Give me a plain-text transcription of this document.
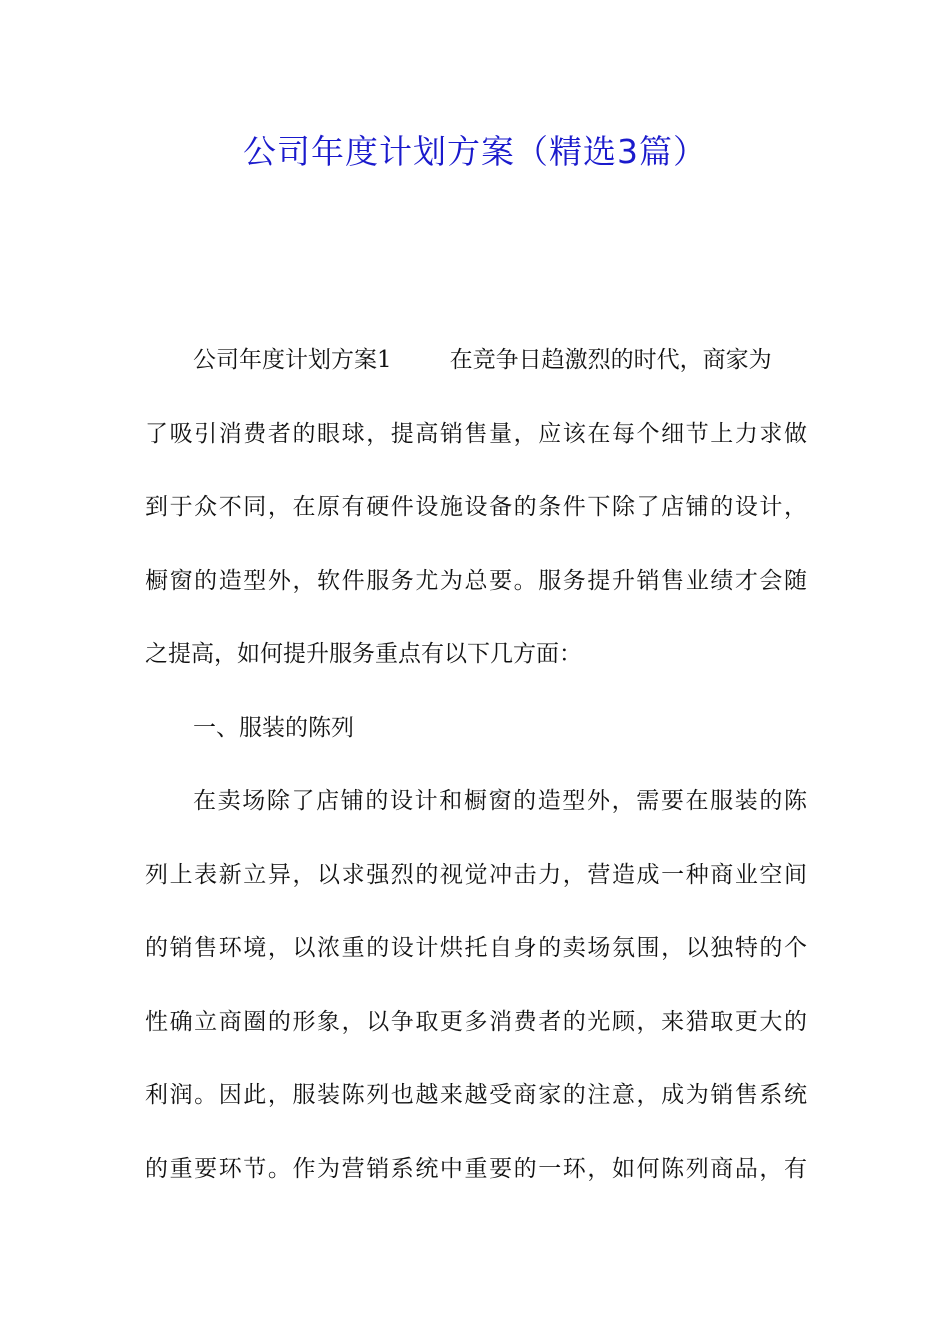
公司年度计划方案（精选3篇）
公司年度计划方案1	在竞争日趋激烈的时代，商家为
了吸引消费者的眼球，提高销售量，应该在每个细节上力求做
到于众不同，在原有硬件设施设备的条件下除了店铺的设计，
橱窗的造型外，软件服务尤为总要。服务提升销售业绩才会随
之提高，如何提升服务重点有以下几方面：
一、服装的陈列
在卖场除了店铺的设计和橱窗的造型外，需要在服装的陈
列上表新立异，以求强烈的视觉冲击力，营造成一种商业空间
的销售环境，以浓重的设计烘托自身的卖场氛围，以独特的个
性确立商圈的形象，以争取更多消费者的光顾，来猎取更大的
利润。因此，服装陈列也越来越受商家的注意，成为销售系统
的重要环节。作为营销系统中重要的一环，如何陈列商品，有
